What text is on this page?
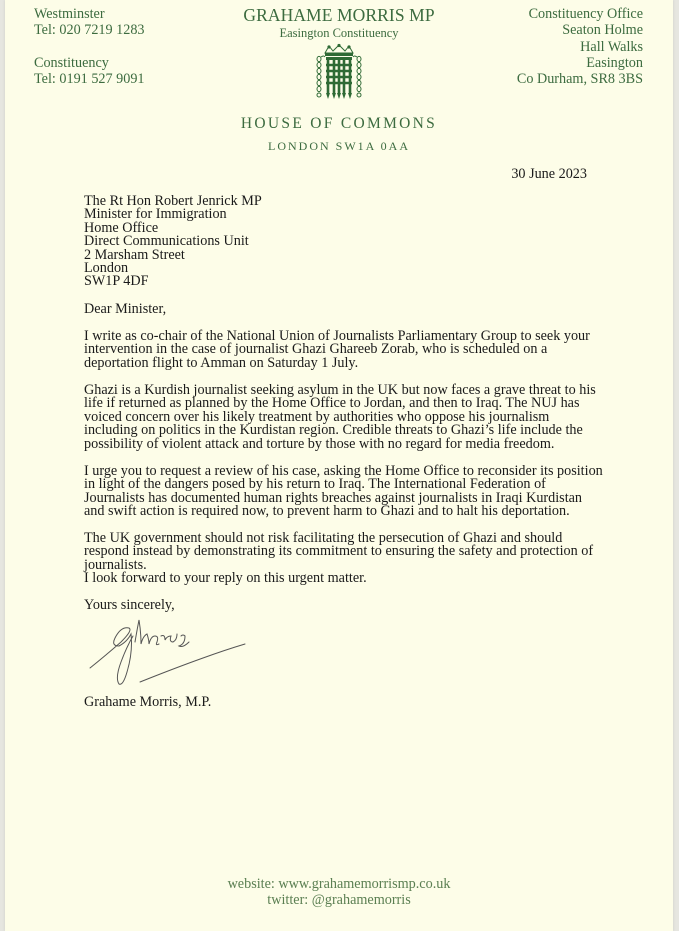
Westminster
Tel: 020 7219 1283
Constituency
Tel: 0191 527 9091
GRAHAME MORRIS MP
Easington Constituency
HOUSE OF COMMONS
LONDON SW1A 0AA
Constituency Office
Seaton Holme
Hall Walks
Easington
Co Durham, SR8 3BS
30 June 2023
The Rt Hon Robert Jenrick MP
Minister for Immigration
Home Office
Direct Communications Unit
2 Marsham Street
London
SW1P 4DF
Dear Minister,

I write as co-chair of the National Union of Journalists Parliamentary Group to seek your intervention in the case of journalist Ghazi Ghareeb Zorab, who is scheduled on a deportation flight to Amman on Saturday 1 July.

Ghazi is a Kurdish journalist seeking asylum in the UK but now faces a grave threat to his life if returned as planned by the Home Office to Jordan, and then to Iraq. The NUJ has voiced concern over his likely treatment by authorities who oppose his journalism including on politics in the Kurdistan region. Credible threats to Ghazi’s life include the possibility of violent attack and torture by those with no regard for media freedom.

I urge you to request a review of his case, asking the Home Office to reconsider its position in light of the dangers posed by his return to Iraq. The International Federation of Journalists has documented human rights breaches against journalists in Iraqi Kurdistan and swift action is required now, to prevent harm to Ghazi and to halt his deportation.

The UK government should not risk facilitating the persecution of Ghazi and should respond instead by demonstrating its commitment to ensuring the safety and protection of journalists.

I look forward to your reply on this urgent matter.

Yours sincerely,
Grahame Morris, M.P.
website: www.grahamemorrismp.co.uk
twitter: @grahamemorris
